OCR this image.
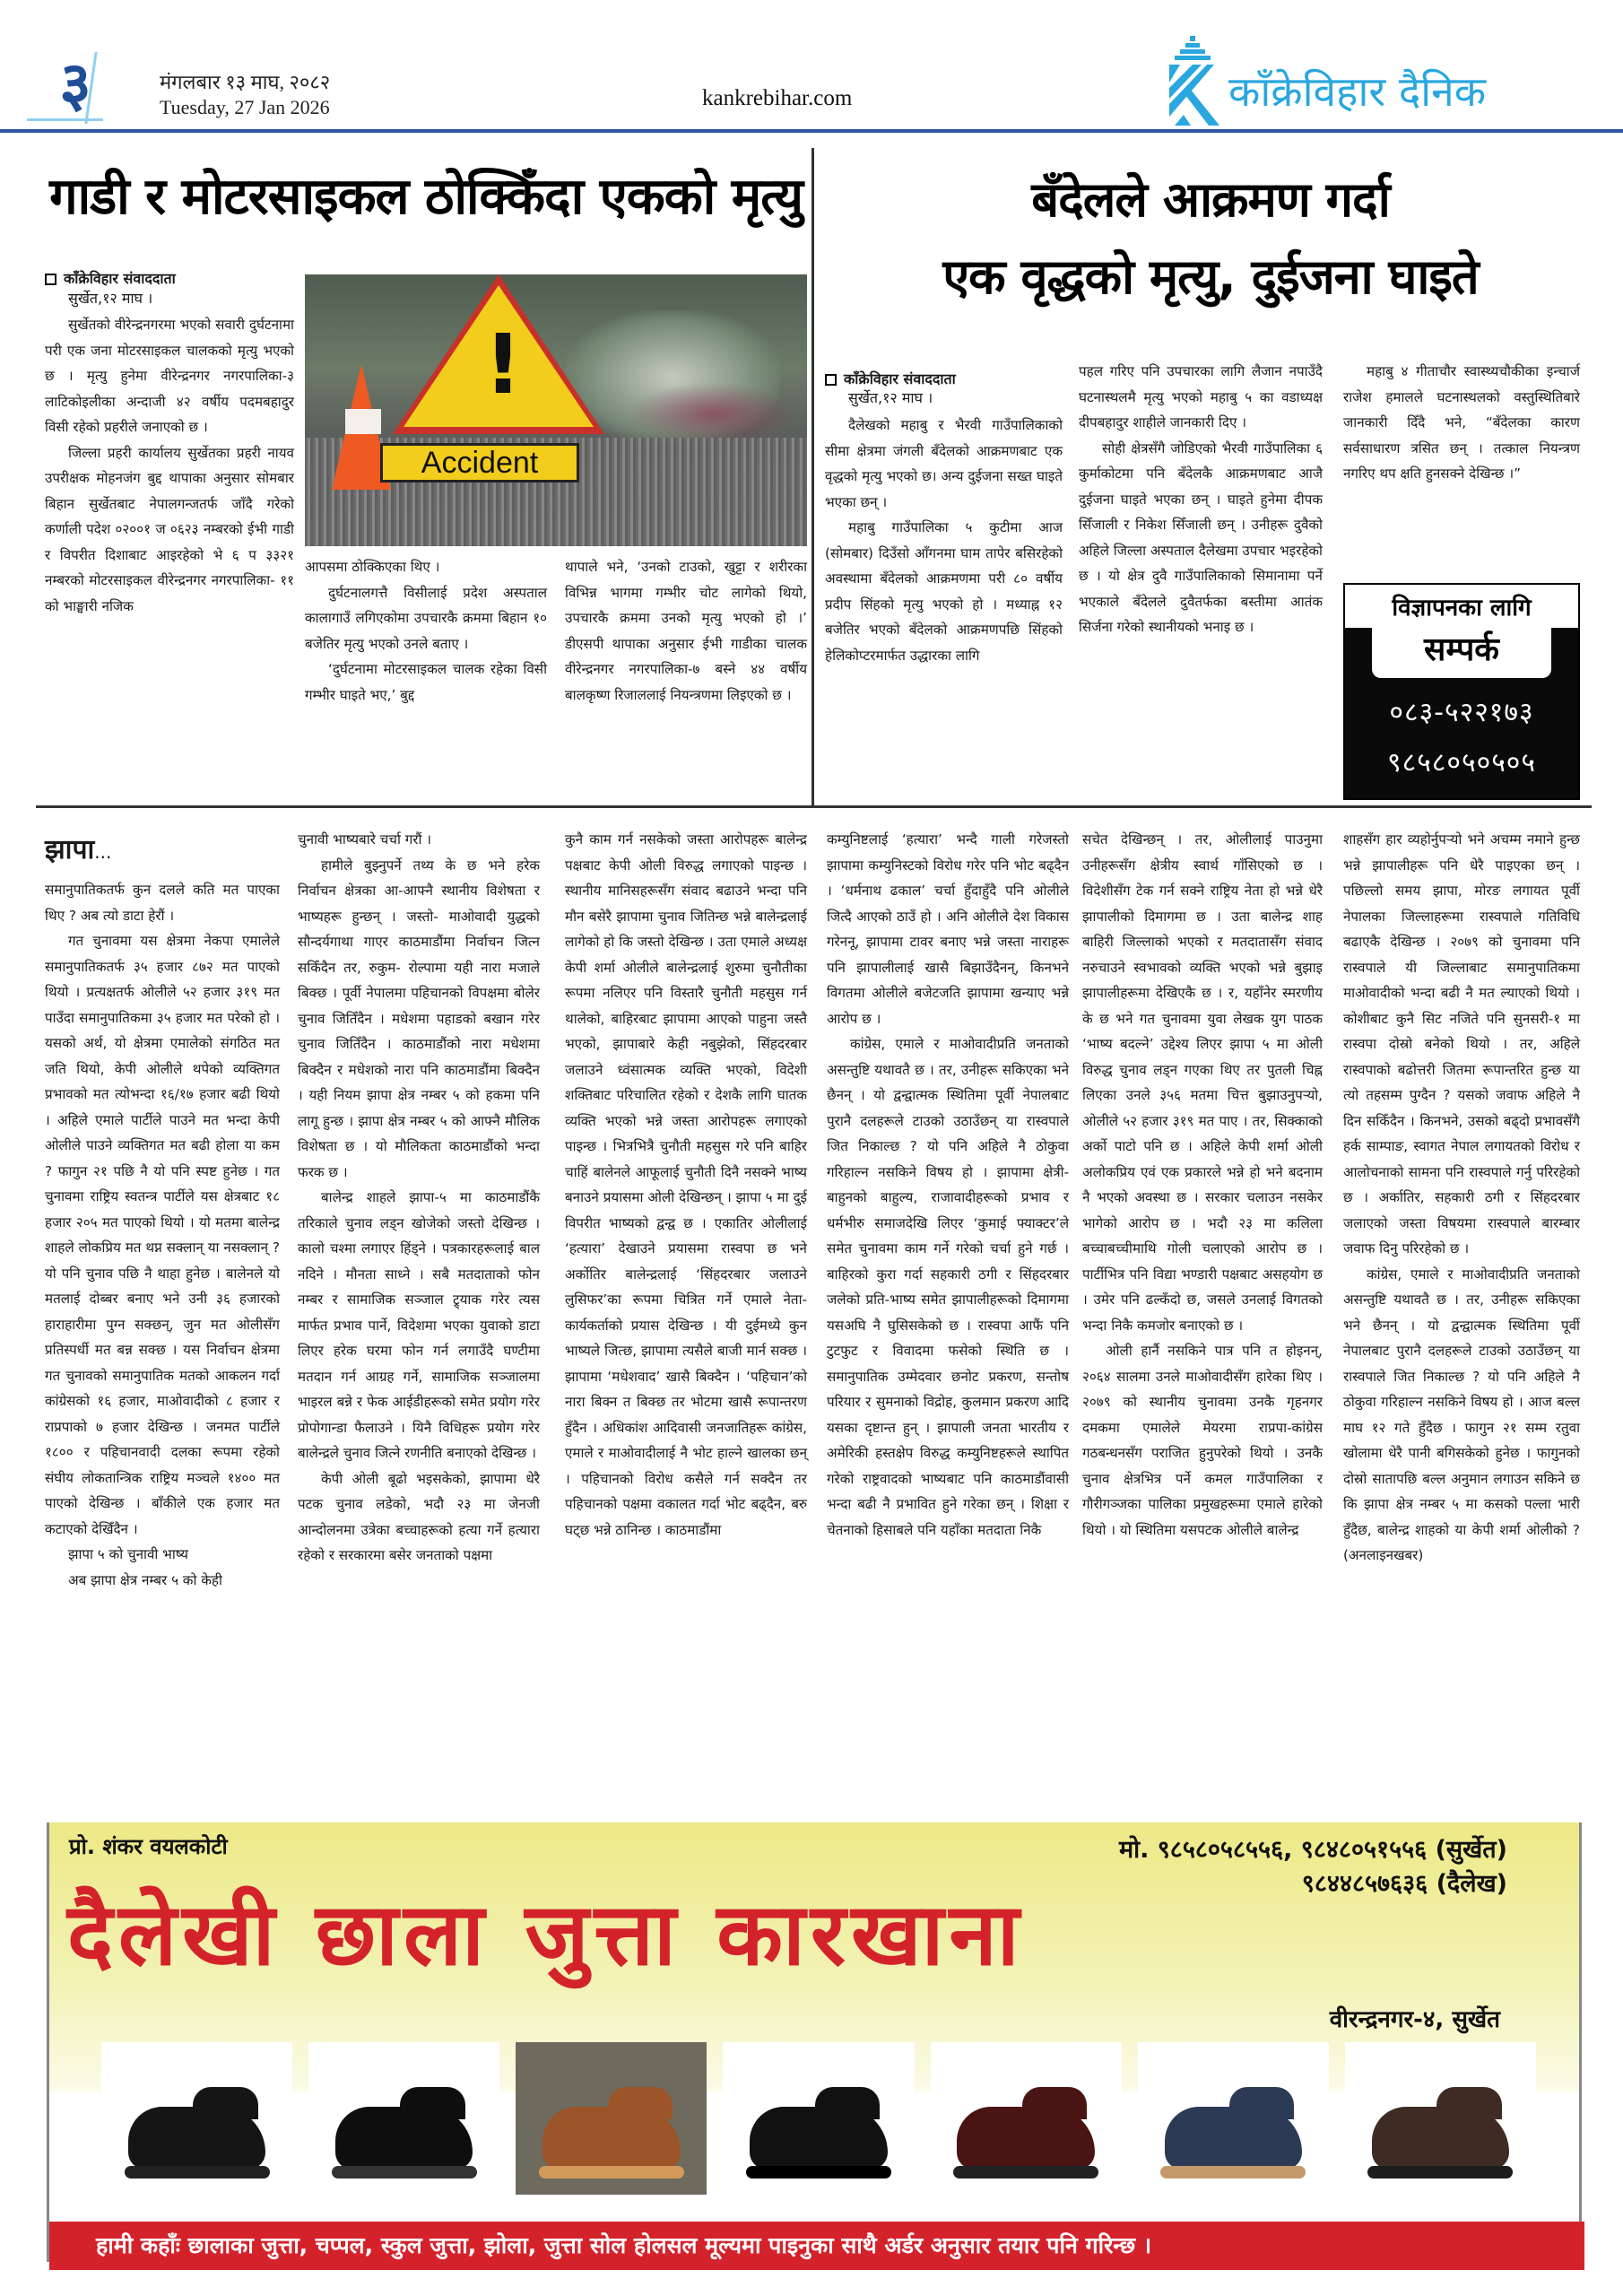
३	मंगलबार १३ माघ, २०८२
Tuesday, 27 Jan 2026	kankrebihar.com	काँक्रेविहार दैनिक
गाडी र मोटरसाइकल ठोक्किँदा एकको मृत्यु
काँक्रेविहार संवाददाता
सुर्खेत,१२ माघ ।

सुर्खेतको वीरेन्द्रनगरमा भएको सवारी दुर्घटनामा परी एक जना मोटरसाइकल चालकको मृत्यु भएको छ । मृत्यु हुनेमा वीरेन्द्रनगर नगरपालिका-३ लाटिकोइलीका अन्दाजी ४२ वर्षीय पदमबहादुर विसी रहेको प्रहरीले जनाएको छ ।

जिल्ला प्रहरी कार्यालय सुर्खेतका प्रहरी नायव उपरीक्षक मोहनजंग बुद्द थापाका अनुसार सोमबार बिहान सुर्खेतबाट नेपालगन्जतर्फ जाँदै गरेको कर्णाली पदेश ०२००१ ज ०६२३ नम्बरको ईभी गाडी र विपरीत दिशाबाट आइरहेको भे ६ प ३३२१ नम्बरको मोटरसाइकल वीरेन्द्रनगर नगरपालिका- ११ को भाङ्घारी नजिक

!
Accident

आपसमा ठोक्किएका थिए ।

दुर्घटनालगत्तै विसीलाई प्रदेश अस्पताल कालागाउँ लगिएकोमा उपचारकै क्रममा बिहान १० बजेतिर मृत्यु भएको उनले बताए ।

‘दुर्घटनामा मोटरसाइकल चालक रहेका विसी गम्भीर घाइते भए,’ बुद्द

थापाले भने, ‘उनको टाउको, खुट्टा र शरीरका विभिन्न भागमा गम्भीर चोट लागेको थियो, उपचारकै क्रममा उनको मृत्यु भएको हो ।’ डीएसपी थापाका अनुसार ईभी गाडीका चालक वीरेन्द्रनगर नगरपालिका-७ बस्ने ४४ वर्षीय बालकृष्ण रिजाललाई नियन्त्रणमा लिइएको छ ।

बँदेलले आक्रमण गर्दा
एक वृद्धको मृत्यु, दुईजना घाइते
काँक्रेविहार संवाददाता
सुर्खेत,१२ माघ ।

दैलेखको महाबु र भैरवी गाउँपालिकाको सीमा क्षेत्रमा जंगली बँदेलको आक्रमणबाट एक वृद्धको मृत्यु भएको छ। अन्य दुईजना सख्त घाइते भएका छन् ।

महाबु गाउँपालिका ५ कुटीमा आज (सोमबार) दिउँसो आँगनमा घाम तापेर बसिरहेको अवस्थामा बँदेलको आक्रमणमा परी ८० वर्षीय प्रदीप सिंहको मृत्यु भएको हो । मध्याह्न १२ बजेतिर भएको बँदेलको आक्रमणपछि सिंहको हेलिकोप्टरमार्फत उद्धारका लागि

पहल गरिए पनि उपचारका लागि लैजान नपाउँदै घटनास्थलमै मृत्यु भएको महाबु ५ का वडाध्यक्ष दीपबहादुर शाहीले जानकारी दिए ।

सोही क्षेत्रसँगै जोडिएको भैरवी गाउँपालिका ६ कुर्माकोटमा पनि बँदेलकै आक्रमणबाट आजै दुईजना घाइते भएका छन् । घाइते हुनेमा दीपक सिँजाली र निकेश सिँजाली छन् । उनीहरू दुवैको अहिले जिल्ला अस्पताल दैलेखमा उपचार भइरहेको छ । यो क्षेत्र दुवै गाउँपालिकाको सिमानामा पर्ने भएकाले बँदेलले दुवैतर्फका बस्तीमा आतंक सिर्जना गरेको स्थानीयको भनाइ छ ।

महाबु ४ गीताचौर स्वास्थ्यचौकीका इन्चार्ज राजेश हमालले घटनास्थलको वस्तुस्थितिबारे जानकारी दिँदै भने, “बँदेलका कारण सर्वसाधारण त्रसित छन् । तत्काल नियन्त्रण नगरिए थप क्षति हुनसक्ने देखिन्छ ।”

विज्ञापनका लागि
सम्पर्क
०८३-५२२१७३
९८५८०५०५०५
झापा...

समानुपातिकतर्फ कुन दलले कति मत पाएका थिए ? अब त्यो डाटा हेरौं ।

गत चुनावमा यस क्षेत्रमा नेकपा एमालेले समानुपातिकतर्फ ३५ हजार ८७२ मत पाएको थियो । प्रत्यक्षतर्फ ओलीले ५२ हजार ३१९ मत पाउँदा समानुपातिकमा ३५ हजार मत परेको हो । यसको अर्थ, यो क्षेत्रमा एमालेको संगठित मत जति थियो, केपी ओलीले थपेको व्यक्तिगत प्रभावको मत त्योभन्दा १६/१७ हजार बढी थियो । अहिले एमाले पार्टीले पाउने मत भन्दा केपी ओलीले पाउने व्यक्तिगत मत बढी होला या कम ? फागुन २१ पछि नै यो पनि स्पष्ट हुनेछ । गत चुनावमा राष्ट्रिय स्वतन्त्र पार्टीले यस क्षेत्रबाट १८ हजार २०५ मत पाएको थियो । यो मतमा बालेन्द्र शाहले लोकप्रिय मत थप्न सक्लान् या नसक्लान् ? यो पनि चुनाव पछि नै थाहा हुनेछ । बालेनले यो मतलाई दोब्बर बनाए भने उनी ३६ हजारको हाराहारीमा पुग्न सक्छन्, जुन मत ओलीसँग प्रतिस्पर्धी मत बन्न सक्छ । यस निर्वाचन क्षेत्रमा गत चुनावको समानुपातिक मतको आकलन गर्दा कांग्रेसको १६ हजार, माओवादीको ८ हजार र राप्रपाको ७ हजार देखिन्छ । जनमत पार्टीले १८०० र पहिचानवादी दलका रूपमा रहेको संघीय लोकतान्त्रिक राष्ट्रिय मञ्चले १४०० मत पाएको देखिन्छ । बाँकीले एक हजार मत कटाएको देखिँदैन ।

झापा ५ को चुनावी भाष्य

अब झापा क्षेत्र नम्बर ५ को केही

चुनावी भाष्यबारे चर्चा गरौं ।

हामीले बुझ्नुपर्ने तथ्य के छ भने हरेक निर्वाचन क्षेत्रका आ-आफ्नै स्थानीय विशेषता र भाष्यहरू हुन्छन् । जस्तो- माओवादी युद्धको सौन्दर्यगाथा गाएर काठमाडौंमा निर्वाचन जित्न सकिँदैन तर, रुकुम- रोल्पामा यही नारा मजाले बिक्छ । पूर्वी नेपालमा पहिचानको विपक्षमा बोलेर चुनाव जितिँदैन । मधेशमा पहाडको बखान गरेर चुनाव जितिँदैन । काठमाडौंको नारा मधेशमा बिक्दैन र मधेशको नारा पनि काठमाडौंमा बिक्दैन । यही नियम झापा क्षेत्र नम्बर ५ को हकमा पनि लागू हुन्छ । झापा क्षेत्र नम्बर ५ को आफ्नै मौलिक विशेषता छ । यो मौलिकता काठमाडौंको भन्दा फरक छ ।

बालेन्द्र शाहले झापा-५ मा काठमाडौंकै तरिकाले चुनाव लड्न खोजेको जस्तो देखिन्छ । कालो चश्मा लगाएर हिंड्ने । पत्रकारहरूलाई बाल नदिने । मौनता साध्ने । सबै मतदाताको फोन नम्बर र सामाजिक सञ्जाल ट्र्याक गरेर त्यस मार्फत प्रभाव पार्ने, विदेशमा भएका युवाको डाटा लिएर हरेक घरमा फोन गर्न लगाउँदै घण्टीमा मतदान गर्न आग्रह गर्ने, सामाजिक सञ्जालमा भाइरल बन्ने र फेक आईडीहरूको समेत प्रयोग गरेर प्रोपोगान्डा फैलाउने । यिनै विधिहरू प्रयोग गरेर बालेन्द्रले चुनाव जित्ने रणनीति बनाएको देखिन्छ ।

केपी ओली बूढो भइसकेको, झापामा धेरै पटक चुनाव लडेको, भदौ २३ मा जेनजी आन्दोलनमा उत्रेका बच्चाहरूको हत्या गर्ने हत्यारा रहेको र सरकारमा बसेर जनताको पक्षमा

कुनै काम गर्न नसकेको जस्ता आरोपहरू बालेन्द्र पक्षबाट केपी ओली विरुद्ध लगाएको पाइन्छ । स्थानीय मानिसहरूसँग संवाद बढाउने भन्दा पनि मौन बसेरै झापामा चुनाव जितिन्छ भन्ने बालेन्द्रलाई लागेको हो कि जस्तो देखिन्छ । उता एमाले अध्यक्ष केपी शर्मा ओलीले बालेन्द्रलाई शुरुमा चुनौतीका रूपमा नलिएर पनि विस्तारै चुनौती महसुस गर्न थालेको, बाहिरबाट झापामा आएको पाहुना जस्तै भएको, झापाबारे केही नबुझेको, सिंहदरबार जलाउने ध्वंसात्मक व्यक्ति भएको, विदेशी शक्तिबाट परिचालित रहेको र देशकै लागि घातक व्यक्ति भएको भन्ने जस्ता आरोपहरू लगाएको पाइन्छ । भित्रभित्रै चुनौती महसुस गरे पनि बाहिर चाहिं बालेनले आफूलाई चुनौती दिनै नसक्ने भाष्य बनाउने प्रयासमा ओली देखिन्छन् । झापा ५ मा दुई विपरीत भाष्यको द्वन्द्व छ । एकातिर ओलीलाई ‘हत्यारा’ देखाउने प्रयासमा रास्वपा छ भने अर्कोतिर बालेन्द्रलाई ‘सिंहदरबार जलाउने लुसिफर’का रूपमा चित्रित गर्ने एमाले नेता-कार्यकर्ताको प्रयास देखिन्छ । यी दुईमध्ये कुन भाष्यले जित्छ, झापामा त्यसैले बाजी मार्न सक्छ ।झापामा ‘मधेशवाद’ खासै बिक्दैन । ‘पहिचान’को नारा बिक्न त बिक्छ तर भोटमा खासै रूपान्तरण हुँदैन । अधिकांश आदिवासी जनजातिहरू कांग्रेस, एमाले र माओवादीलाई नै भोट हाल्ने खालका छन् । पहिचानको विरोध कसैले गर्न सक्दैन तर पहिचानको पक्षमा वकालत गर्दा भोट बढ्दैन, बरु घट्छ भन्ने ठानिन्छ । काठमाडौंमा

कम्युनिष्टलाई ‘हत्यारा’ भन्दै गाली गरेजस्तो झापामा कम्युनिस्टको विरोध गरेर पनि भोट बढ्दैन । ‘धर्मनाथ ढकाल’ चर्चा हुँदाहुँदै पनि ओलीले जित्दै आएको ठाउँ हो । अनि ओलीले देश विकास गरेननू, झापामा टावर बनाए भन्ने जस्ता नाराहरू पनि झापालीलाई खासै बिझाउँदैनन्, किनभने विगतमा ओलीले बजेटजति झापामा खन्याए भन्ने आरोप छ ।

कांग्रेस, एमाले र माओवादीप्रति जनताको असन्तुष्टि यथावतै छ । तर, उनीहरू सकिएका भने छैनन् । यो द्वन्द्वात्मक स्थितिमा पूर्वी नेपालबाट पुरानै दलहरूले टाउको उठाउँछन् या रास्वपाले जित निकाल्छ ? यो पनि अहिले नै ठोकुवा गरिहाल्न नसकिने विषय हो । झापामा क्षेत्री-बाहुनको बाहुल्य, राजावादीहरूको प्रभाव र धर्मभीरु समाजदेखि लिएर ‘कुमाई फ्याक्टर’ले समेत चुनावमा काम गर्ने गरेको चर्चा हुने गर्छ । बाहिरको कुरा गर्दा सहकारी ठगी र सिंहदरबार जलेको प्रति-भाष्य समेत झापालीहरूको दिमागमा यसअघि नै घुसिसकेको छ । रास्वपा आफैं पनि टुटफुट र विवादमा फसेको स्थिति छ । समानुपातिक उम्मेदवार छनोट प्रकरण, सन्तोष परियार र सुमनाको विद्रोह, कुलमान प्रकरण आदि यसका दृष्टान्त हुन् । झापाली जनता भारतीय र अमेरिकी हस्तक्षेप विरुद्ध कम्युनिष्टहरूले स्थापित गरेको राष्ट्रवादको भाष्यबाट पनि काठमाडौंवासी भन्दा बढी नै प्रभावित हुने गरेका छन् । शिक्षा र चेतनाको हिसाबले पनि यहाँका मतदाता निकै

सचेत देखिन्छन् । तर, ओलीलाई पाउनुमा उनीहरूसँग क्षेत्रीय स्वार्थ गाँसिएको छ । विदेशीसँग टेक गर्न सक्ने राष्ट्रिय नेता हो भन्ने धेरै झापालीको दिमागमा छ । उता बालेन्द्र शाह बाहिरी जिल्लाको भएको र मतदातासँग संवाद नरुचाउने स्वभावको व्यक्ति भएको भन्ने बुझाइ झापालीहरूमा देखिएकै छ । र, यहाँनेर स्मरणीय के छ भने गत चुनावमा युवा लेखक युग पाठक ‘भाष्य बदल्ने’ उद्देश्य लिएर झापा ५ मा ओली विरुद्ध चुनाव लड्न गएका थिए तर पुतली चिह्न लिएका उनले ३५६ मतमा चित्त बुझाउनुपर्‍यो, ओलीले ५२ हजार ३१९ मत पाए । तर, सिक्काको अर्को पाटो पनि छ । अहिले केपी शर्मा ओली अलोकप्रिय एवं एक प्रकारले भन्ने हो भने बदनाम नै भएको अवस्था छ । सरकार चलाउन नसकेर भागेको आरोप छ । भदौ २३ मा कलिला बच्चाबच्चीमाथि गोली चलाएको आरोप छ । पार्टीभित्र पनि विद्या भण्डारी पक्षबाट असहयोग छ । उमेर पनि ढल्कँदो छ, जसले उनलाई विगतको भन्दा निकै कमजोर बनाएको छ ।

ओली हार्नै नसकिने पात्र पनि त होइनन्, २०६४ सालमा उनले माओवादीसँग हारेका थिए । २०७९ को स्थानीय चुनावमा उनकै गृहनगर दमकमा एमालेले मेयरमा राप्रपा-कांग्रेस गठबन्धनसँग पराजित हुनुपरेको थियो । उनकै चुनाव क्षेत्रभित्र पर्ने कमल गाउँपालिका र गौरीगञ्जका पालिका प्रमुखहरूमा एमाले हारेको थियो । यो स्थितिमा यसपटक ओलीले बालेन्द्र

शाहसँग हार व्यहोर्नुपर्‍यो भने अचम्म नमाने हुन्छ भन्ने झापालीहरू पनि धेरै पाइएका छन् । पछिल्लो समय झापा, मोरङ लगायत पूर्वी नेपालका जिल्लाहरूमा रास्वपाले गतिविधि बढाएकै देखिन्छ । २०७९ को चुनावमा पनि रास्वपाले यी जिल्लाबाट समानुपातिकमा माओवादीको भन्दा बढी नै मत ल्याएको थियो । कोशीबाट कुनै सिट नजिते पनि सुनसरी-१ मा रास्वपा दोस्रो बनेको थियो । तर, अहिले रास्वपाको बढोत्तरी जितमा रूपान्तरित हुन्छ या त्यो तहसम्म पुग्दैन ? यसको जवाफ अहिले नै दिन सकिँदैन । किनभने, उसको बढ्दो प्रभावसँगै हर्क साम्पाङ, स्वागत नेपाल लगायतको विरोध र आलोचनाको सामना पनि रास्वपाले गर्नु परिरहेको छ । अर्कातिर, सहकारी ठगी र सिंहदरबार जलाएको जस्ता विषयमा रास्वपाले बारम्बार जवाफ दिनु परिरहेको छ ।

कांग्रेस, एमाले र माओवादीप्रति जनताको असन्तुष्टि यथावतै छ । तर, उनीहरू सकिएका भने छैनन् । यो द्वन्द्वात्मक स्थितिमा पूर्वी नेपालबाट पुरानै दलहरूले टाउको उठाउँछन् या रास्वपाले जित निकाल्छ ? यो पनि अहिले नै ठोकुवा गरिहाल्न नसकिने विषय हो । आज बल्ल माघ १२ गते हुँदैछ । फागुन २१ सम्म रतुवा खोलामा धेरै पानी बगिसकेको हुनेछ । फागुनको दोस्रो सातापछि बल्ल अनुमान लगाउन सकिने छ कि झापा क्षेत्र नम्बर ५ मा कसको पल्ला भारी हुँदैछ, बालेन्द्र शाहको या केपी शर्मा ओलीको ?(अनलाइनखबर)

प्रो. शंकर वयलकोटी	मो. ९८५८०५८५५६, ९८४८०५१५५६ (सुर्खेत)
९८४४८५७६३६ (दैलेख)
दैलेखी छाला जुत्ता कारखाना
वीरन्द्रनगर-४, सुर्खेत
हामी कहाँः छालाका जुत्ता, चप्पल, स्कुल जुत्ता, झोला, जुत्ता सोल होलसल मूल्यमा पाइनुका साथै अर्डर अनुसार तयार पनि गरिन्छ ।
